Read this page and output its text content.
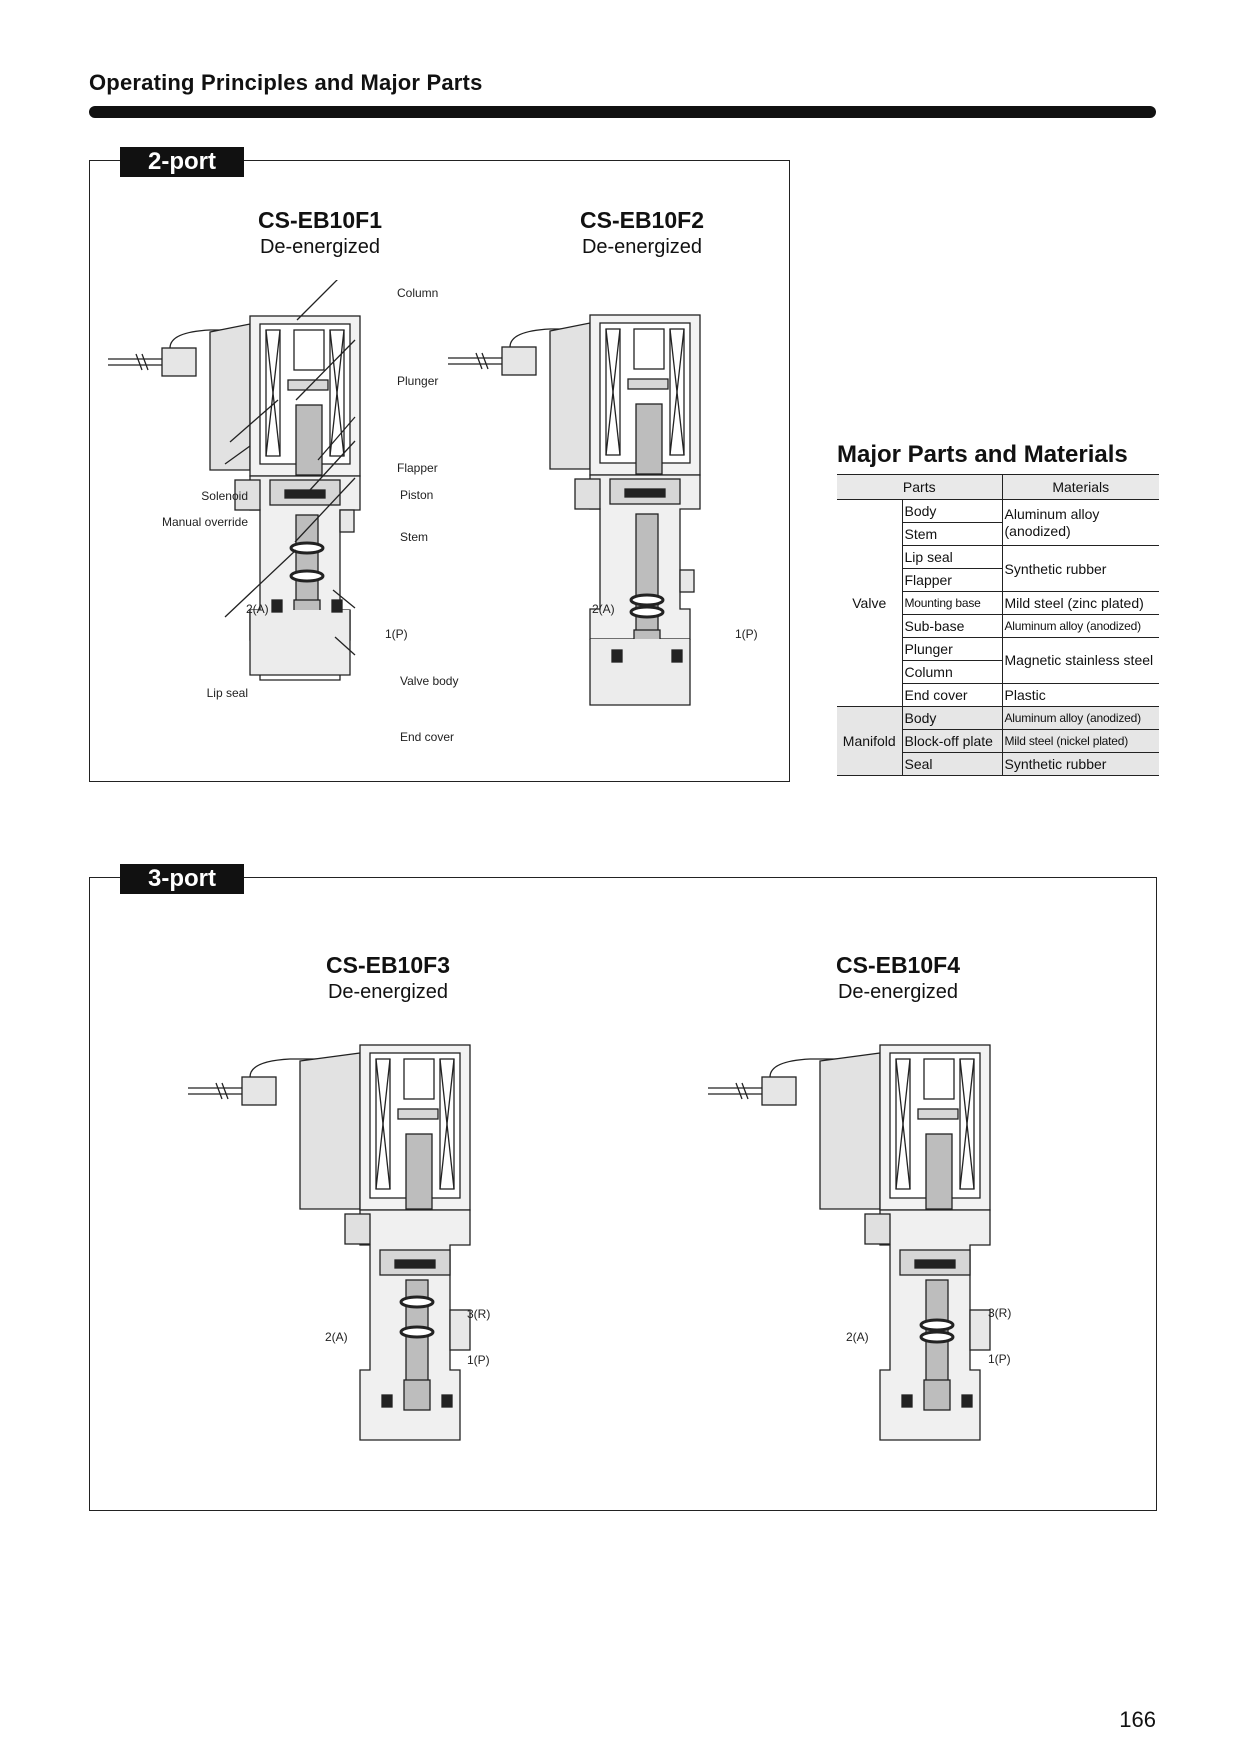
Operating Principles and Major Parts
2-port
CS-EB10F1
De-energized
CS-EB10F2
De-energized
Column
Plunger
Flapper
Solenoid	Piston
Manual override
Stem
2(A)
1(P)
2(A)
1(P)
Valve body
Lip seal
End cover
Major Parts and Materials
Parts		Materials
Valve	Body	Aluminum alloy (anodized)
	Stem	
	Lip seal	Synthetic rubber
	Flapper	
	Mounting base	Mild steel (zinc plated)
	Sub-base	Aluminum alloy (anodized)
	Plunger	Magnetic stainless steel
	Column	
	End cover	Plastic
Manifold	Body	Aluminum alloy (anodized)
	Block-off plate	Mild steel (nickel plated)
	Seal	Synthetic rubber
3-port
CS-EB10F3
De-energized
CS-EB10F4
De-energized
3(R)
2(A)
1(P)
3(R)
2(A)
1(P)
166
